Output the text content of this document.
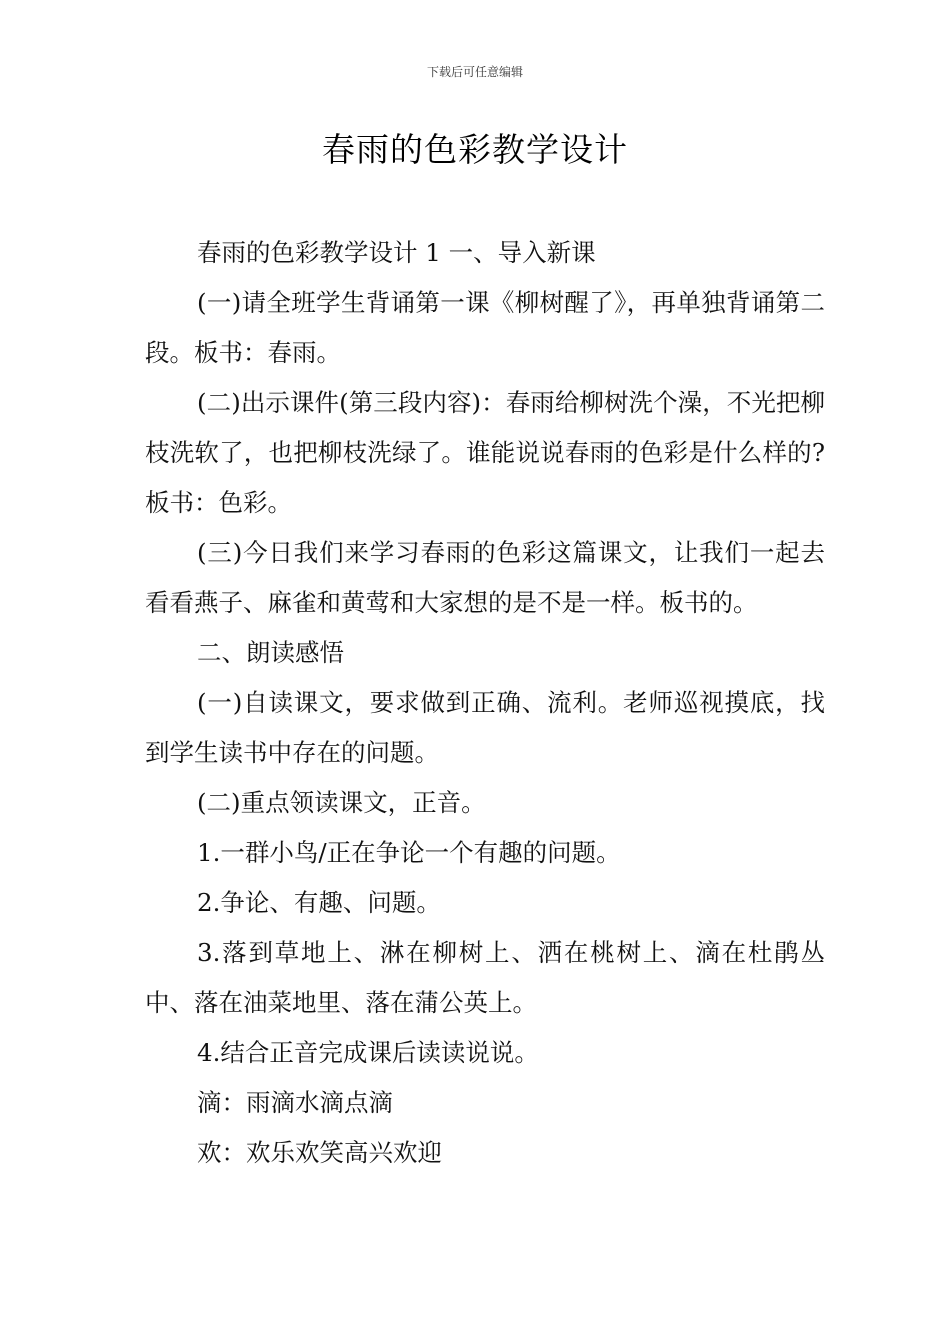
下载后可任意编辑
春雨的色彩教学设计

春雨的色彩教学设计 1 一、导入新课

(一)请全班学生背诵第一课《柳树醒了》，再单独背诵第二段。板书：春雨。

(二)出示课件(第三段内容)：春雨给柳树洗个澡，不光把柳枝洗软了，也把柳枝洗绿了。谁能说说春雨的色彩是什么样的?板书：色彩。

(三)今日我们来学习春雨的色彩这篇课文，让我们一起去看看燕子、麻雀和黄莺和大家想的是不是一样。板书的。

二、朗读感悟

(一)自读课文，要求做到正确、流利。老师巡视摸底，找到学生读书中存在的问题。

(二)重点领读课文，正音。

1.一群小鸟/正在争论一个有趣的问题。

2.争论、有趣、问题。

3.落到草地上、淋在柳树上、洒在桃树上、滴在杜鹃丛中、落在油菜地里、落在蒲公英上。

4.结合正音完成课后读读说说。

滴：雨滴水滴点滴

欢：欢乐欢笑高兴欢迎
